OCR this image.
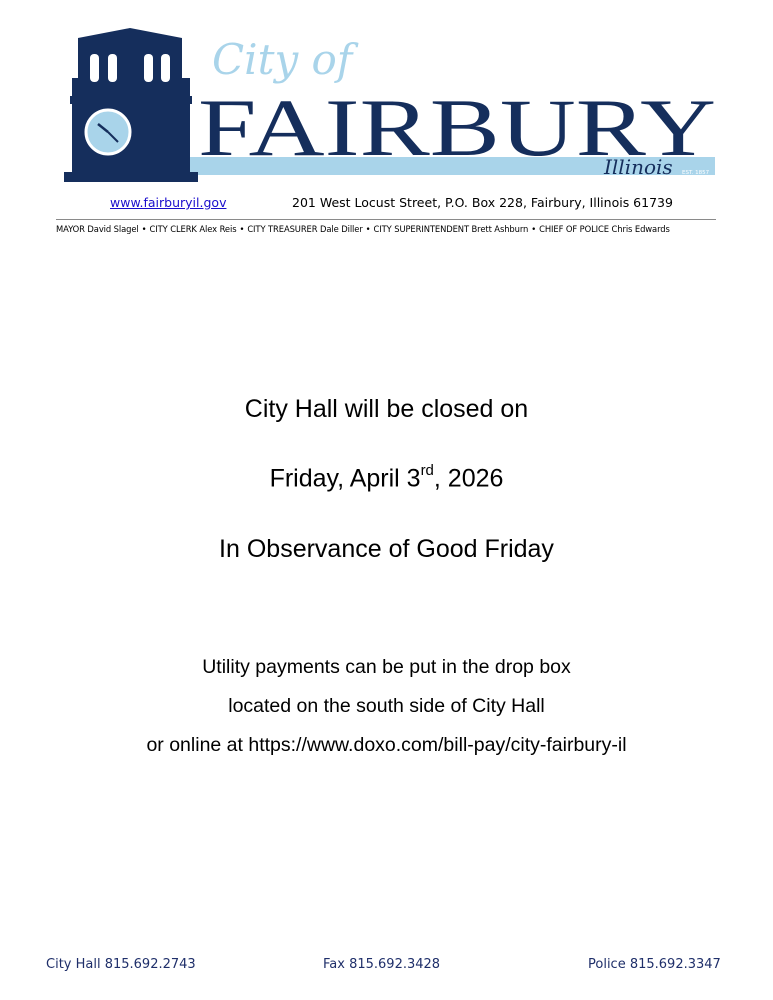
City of
FAIRBURY
Illinois EST. 1857
www.fairburyil.gov	201 West Locust Street, P.O. Box 228, Fairbury, Illinois 61739
MAYOR David Slagel • CITY CLERK Alex Reis • CITY TREASURER Dale Diller • CITY SUPERINTENDENT Brett Ashburn • CHIEF OF POLICE Chris Edwards
City Hall will be closed on
Friday, April 3rd, 2026
In Observance of Good Friday
Utility payments can be put in the drop box
located on the south side of City Hall
or online at https://www.doxo.com/bill-pay/city-fairbury-il
City Hall 815.692.2743	Fax 815.692.3428	Police 815.692.3347
